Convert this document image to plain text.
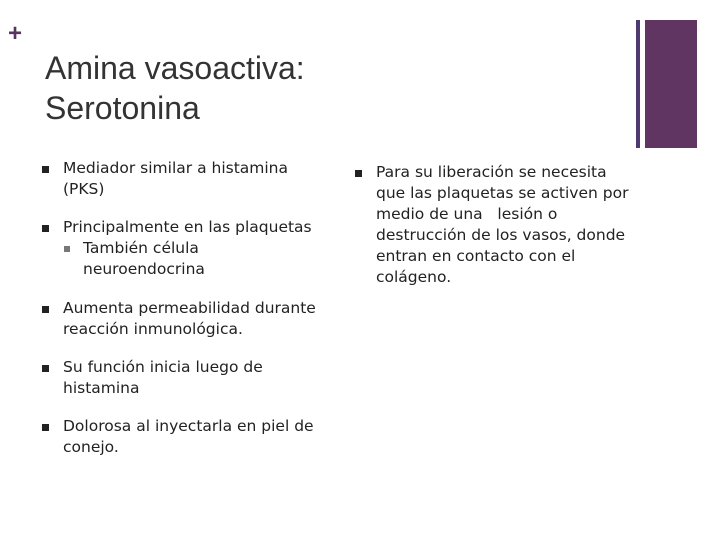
+
Amina vasoactiva:
Serotonina
Mediador similar a histamina
(PKS)
Principalmente en las plaquetas
También célula
neuroendocrina
Aumenta permeabilidad durante
reacción inmunológica.
Su función inicia luego de
histamina
Dolorosa al inyectarla en piel de
conejo.
Para su liberación se necesita
que las plaquetas se activen por
medio de una   lesión o
destrucción de los vasos, donde
entran en contacto con el
colágeno.
